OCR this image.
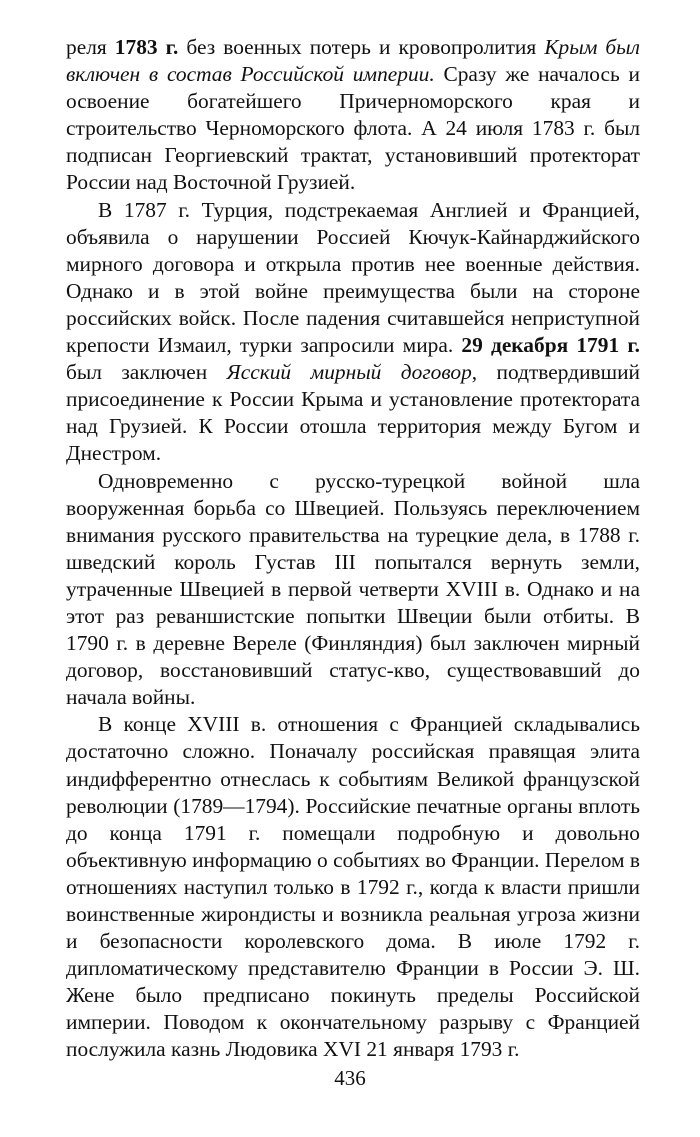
реля 1783 г. без военных потерь и кровопролития Крым был включен в состав Российской империи. Сразу же началось и освоение богатейшего Причерноморского края и строительство Черноморского флота. А 24 июля 1783 г. был подписан Георгиевский трактат, установивший протекторат России над Восточной Грузией.

В 1787 г. Турция, подстрекаемая Англией и Францией, объявила о нарушении Россией Кючук-Кайнарджийского мирного договора и открыла против нее военные действия. Однако и в этой войне преимущества были на стороне российских войск. После падения считавшейся неприступной крепости Измаил, турки запросили мира. 29 декабря 1791 г. был заключен Ясский мирный договор, подтвердивший присоединение к России Крыма и установление протектората над Грузией. К России отошла территория между Бугом и Днестром.

Одновременно с русско-турецкой войной шла вооруженная борьба со Швецией. Пользуясь переключением внимания русского правительства на турецкие дела, в 1788 г. шведский король Густав III попытался вернуть земли, утраченные Швецией в первой четверти XVIII в. Однако и на этот раз реваншистские попытки Швеции были отбиты. В 1790 г. в деревне Вереле (Финляндия) был заключен мирный договор, восстановивший статус-кво, существовавший до начала войны.

В конце XVIII в. отношения с Францией складывались достаточно сложно. Поначалу российская правящая элита индифферентно отнеслась к событиям Великой французской революции (1789—1794). Российские печатные органы вплоть до конца 1791 г. помещали подробную и довольно объективную информацию о событиях во Франции. Перелом в отношениях наступил только в 1792 г., когда к власти пришли воинственные жирондисты и возникла реальная угроза жизни и безопасности королевского дома. В июле 1792 г. дипломатическому представителю Франции в России Э. Ш. Жене было предписано покинуть пределы Российской империи. Поводом к окончательному разрыву с Францией послужила казнь Людовика XVI 21 января 1793 г.

436
